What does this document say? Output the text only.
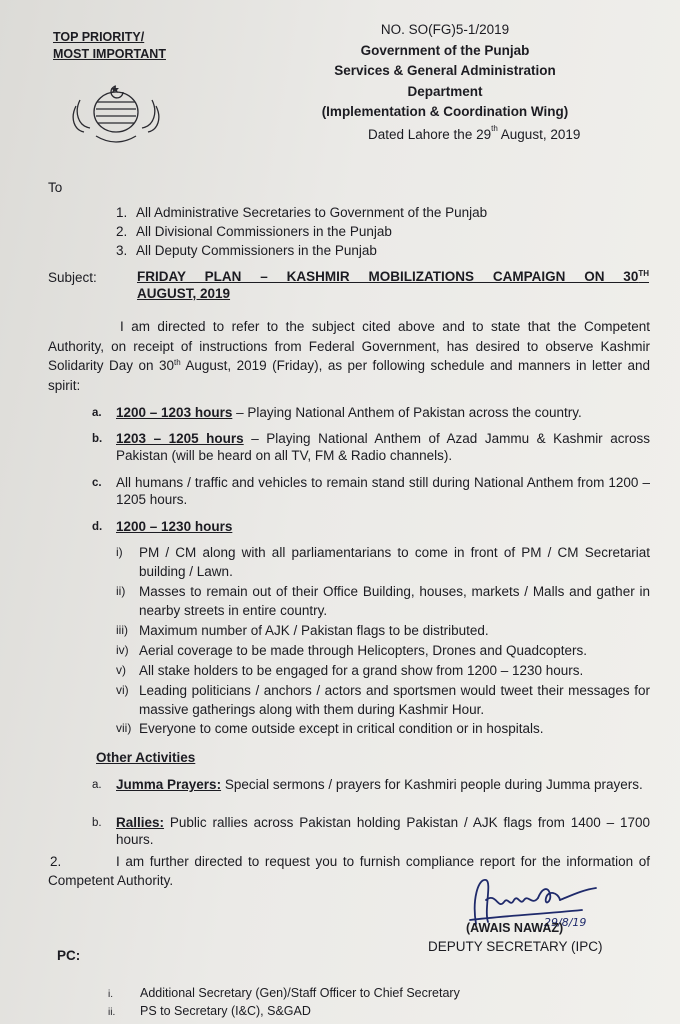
TOP PRIORITY/
MOST IMPORTANT
NO. SO(FG)5-1/2019
Government of the Punjab
Services & General Administration
Department
(Implementation & Coordination Wing)
Dated Lahore the 29th August, 2019
To
1. All Administrative Secretaries to Government of the Punjab
2. All Divisional Commissioners in the Punjab
3. All Deputy Commissioners in the Punjab
Subject:	FRIDAY PLAN – KASHMIR MOBILIZATIONS CAMPAIGN ON 30TH
AUGUST, 2019
I am directed to refer to the subject cited above and to state that the Competent Authority, on receipt of instructions from Federal Government, has desired to observe Kashmir Solidarity Day on 30th August, 2019 (Friday), as per following schedule and manners in letter and spirit:
a. 1200 – 1203 hours – Playing National Anthem of Pakistan across the country.
b. 1203 – 1205 hours – Playing National Anthem of Azad Jammu & Kashmir across Pakistan (will be heard on all TV, FM & Radio channels).
c. All humans / traffic and vehicles to remain stand still during National Anthem from 1200 – 1205 hours.
d. 1200 – 1230 hours
i) PM / CM along with all parliamentarians to come in front of PM / CM Secretariat building / Lawn.
ii) Masses to remain out of their Office Building, houses, markets / Malls and gather in nearby streets in entire country.
iii) Maximum number of AJK / Pakistan flags to be distributed.
iv) Aerial coverage to be made through Helicopters, Drones and Quadcopters.
v) All stake holders to be engaged for a grand show from 1200 – 1230 hours.
vi) Leading politicians / anchors / actors and sportsmen would tweet their messages for massive gatherings along with them during Kashmir Hour.
vii) Everyone to come outside except in critical condition or in hospitals.
Other Activities
a. Jumma Prayers: Special sermons / prayers for Kashmiri people during Jumma prayers.
b. Rallies: Public rallies across Pakistan holding Pakistan / AJK flags from 1400 – 1700 hours.
2.	I am further directed to request you to furnish compliance report for the information of Competent Authority.
29/8/19
(AWAIS NAWAZ)
DEPUTY SECRETARY (IPC)
PC:
i. Additional Secretary (Gen)/Staff Officer to Chief Secretary
ii. PS to Secretary (I&C), S&GAD
